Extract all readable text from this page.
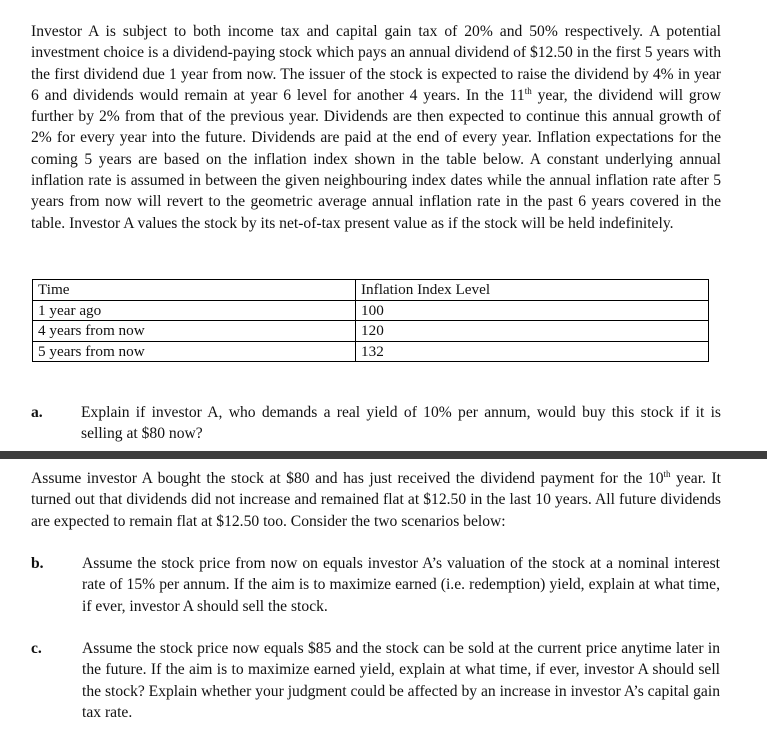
Investor A is subject to both income tax and capital gain tax of 20% and 50% respectively. A potential investment choice is a dividend-paying stock which pays an annual dividend of $12.50 in the first 5 years with the first dividend due 1 year from now. The issuer of the stock is expected to raise the dividend by 4% in year 6 and dividends would remain at year 6 level for another 4 years. In the 11th year, the dividend will grow further by 2% from that of the previous year. Dividends are then expected to continue this annual growth of 2% for every year into the future. Dividends are paid at the end of every year. Inflation expectations for the coming 5 years are based on the inflation index shown in the table below. A constant underlying annual inflation rate is assumed in between the given neighbouring index dates while the annual inflation rate after 5 years from now will revert to the geometric average annual inflation rate in the past 6 years covered in the table. Investor A values the stock by its net-of-tax present value as if the stock will be held indefinitely.

Time	Inflation Index Level
1 year ago	100
4 years from now	120
5 years from now	132
a.	Explain if investor A, who demands a real yield of 10% per annum, would buy this stock if it is selling at $80 now?

Assume investor A bought the stock at $80 and has just received the dividend payment for the 10th year. It turned out that dividends did not increase and remained flat at $12.50 in the last 10 years. All future dividends are expected to remain flat at $12.50 too. Consider the two scenarios below:

b.	Assume the stock price from now on equals investor A’s valuation of the stock at a nominal interest rate of 15% per annum. If the aim is to maximize earned (i.e. redemption) yield, explain at what time, if ever, investor A should sell the stock.
c.	Assume the stock price now equals $85 and the stock can be sold at the current price anytime later in the future. If the aim is to maximize earned yield, explain at what time, if ever, investor A should sell the stock? Explain whether your judgment could be affected by an increase in investor A’s capital gain tax rate.
